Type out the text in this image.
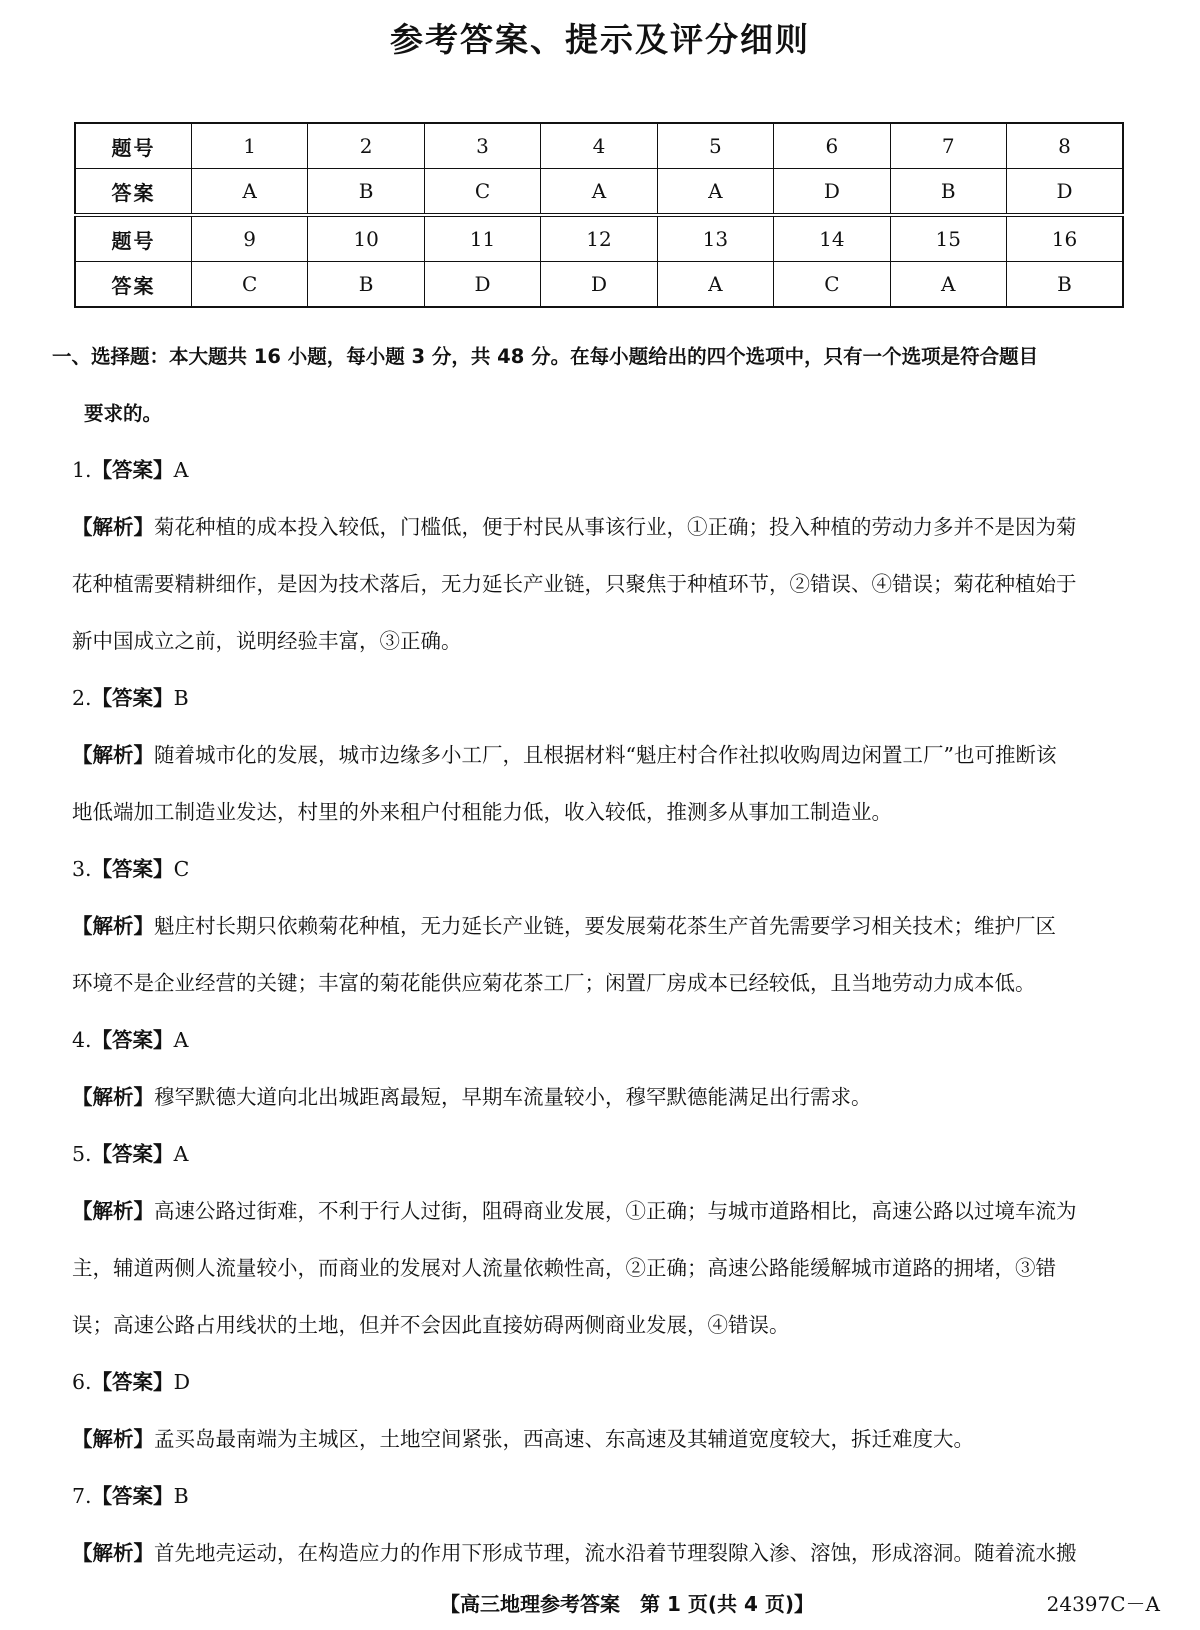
参考答案、提示及评分细则
题号	1	2	3	4	5	6	7	8
答案	A	B	C	A	A	D	B	D
题号	9	10	11	12	13	14	15	16
答案	C	B	D	D	A	C	A	B

一、选择题：本大题共 16 小题，每小题 3 分，共 48 分。在每小题给出的四个选项中，只有一个选项是符合题目

要求的。

1.【答案】A

【解析】菊花种植的成本投入较低，门槛低，便于村民从事该行业，①正确；投入种植的劳动力多并不是因为菊

花种植需要精耕细作，是因为技术落后，无力延长产业链，只聚焦于种植环节，②错误、④错误；菊花种植始于

新中国成立之前，说明经验丰富，③正确。

2.【答案】B

【解析】随着城市化的发展，城市边缘多小工厂，且根据材料“魁庄村合作社拟收购周边闲置工厂”也可推断该

地低端加工制造业发达，村里的外来租户付租能力低，收入较低，推测多从事加工制造业。

3.【答案】C

【解析】魁庄村长期只依赖菊花种植，无力延长产业链，要发展菊花茶生产首先需要学习相关技术；维护厂区

环境不是企业经营的关键；丰富的菊花能供应菊花茶工厂；闲置厂房成本已经较低，且当地劳动力成本低。

4.【答案】A

【解析】穆罕默德大道向北出城距离最短，早期车流量较小，穆罕默德能满足出行需求。

5.【答案】A

【解析】高速公路过街难，不利于行人过街，阻碍商业发展，①正确；与城市道路相比，高速公路以过境车流为

主，辅道两侧人流量较小，而商业的发展对人流量依赖性高，②正确；高速公路能缓解城市道路的拥堵，③错

误；高速公路占用线状的土地，但并不会因此直接妨碍两侧商业发展，④错误。

6.【答案】D

【解析】孟买岛最南端为主城区，土地空间紧张，西高速、东高速及其辅道宽度较大，拆迁难度大。

7.【答案】B

【解析】首先地壳运动，在构造应力的作用下形成节理，流水沿着节理裂隙入渗、溶蚀，形成溶洞。随着流水搬

【高三地理参考答案　第 1 页(共 4 页)】	24397C－A
